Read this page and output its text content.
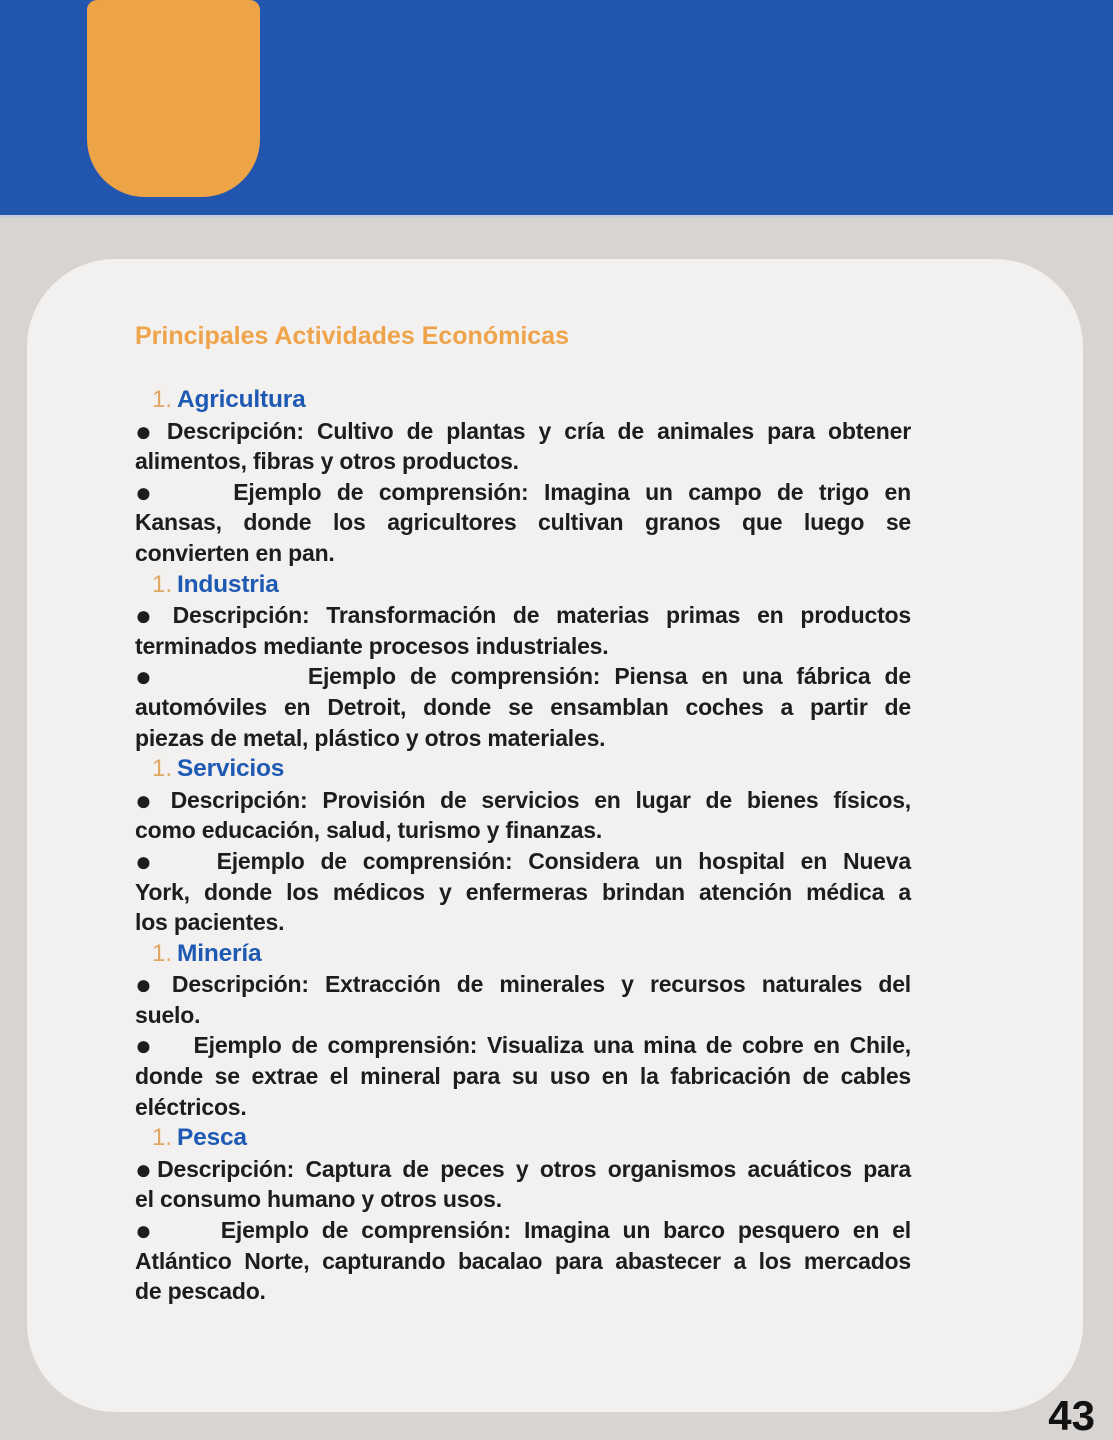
Principales Actividades Económicas
1. Agricultura
● Descripción: Cultivo de plantas y cría de animales para obtener
alimentos, fibras y otros productos.
●	Ejemplo de comprensión: Imagina un campo de trigo en
Kansas, donde los agricultores cultivan granos que luego se
convierten en pan.
1. Industria
● Descripción: Transformación de materias primas en productos
terminados mediante procesos industriales.
●	Ejemplo de comprensión: Piensa en una fábrica de
automóviles en Detroit, donde se ensamblan coches a partir de
piezas de metal, plástico y otros materiales.
1. Servicios
● Descripción: Provisión de servicios en lugar de bienes físicos,
como educación, salud, turismo y finanzas.
● Ejemplo de comprensión: Considera un hospital en Nueva
York, donde los médicos y enfermeras brindan atención médica a
los pacientes.
1. Minería
● Descripción: Extracción de minerales y recursos naturales del
suelo.
● Ejemplo de comprensión: Visualiza una mina de cobre en Chile,
donde se extrae el mineral para su uso en la fabricación de cables
eléctricos.
1. Pesca
●Descripción: Captura de peces y otros organismos acuáticos para
el consumo humano y otros usos.
●	Ejemplo de comprensión: Imagina un barco pesquero en el
Atlántico Norte, capturando bacalao para abastecer a los mercados
de pescado.
43
